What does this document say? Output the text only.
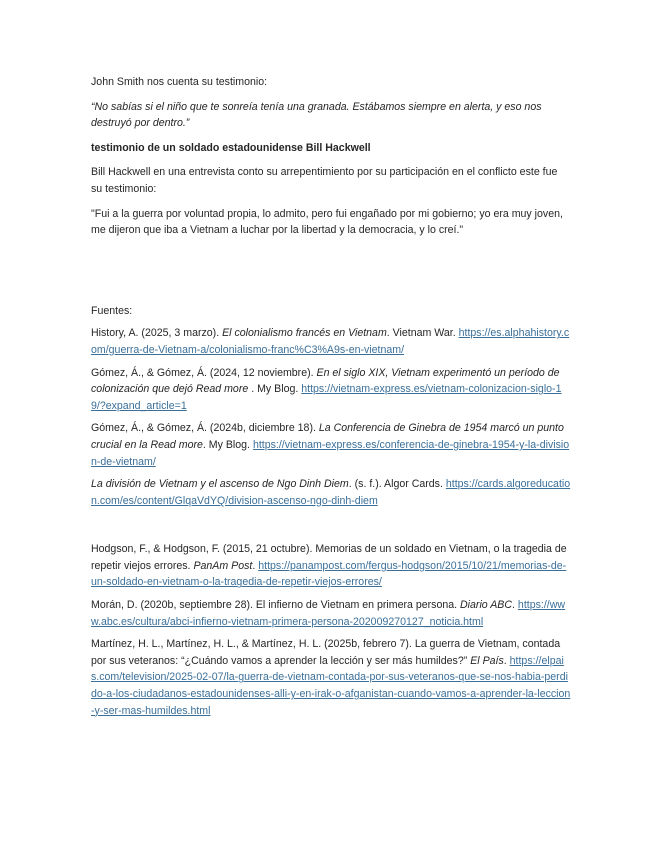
John Smith nos cuenta su testimonio:

“No sabías si el niño que te sonreía tenía una granada. Estábamos siempre en alerta, y eso nos destruyó por dentro.”

testimonio de un soldado estadounidense Bill Hackwell

Bill Hackwell en una entrevista conto su arrepentimiento por su participación en el conflicto este fue su testimonio:

"Fui a la guerra por voluntad propia, lo admito, pero fui engañado por mi gobierno; yo era muy joven, me dijeron que iba a Vietnam a luchar por la libertad y la democracia, y lo creí."

Fuentes:

History, A. (2025, 3 marzo). El colonialismo francés en Vietnam. Vietnam War. https://es.alphahistory.com/guerra-de-Vietnam-a/colonialismo-franc%C3%A9s-en-vietnam/

Gómez, Á., & Gómez, Á. (2024, 12 noviembre). En el siglo XIX, Vietnam experimentó un período de colonización que dejó Read more . My Blog. https://vietnam-express.es/vietnam-colonizacion-siglo-19/?expand_article=1

Gómez, Á., & Gómez, Á. (2024b, diciembre 18). La Conferencia de Ginebra de 1954 marcó un punto crucial en la Read more. My Blog. https://vietnam-express.es/conferencia-de-ginebra-1954-y-la-division-de-vietnam/

La división de Vietnam y el ascenso de Ngo Dinh Diem. (s. f.). Algor Cards. https://cards.algoreducation.com/es/content/GlqaVdYQ/division-ascenso-ngo-dinh-diem

Hodgson, F., & Hodgson, F. (2015, 21 octubre). Memorias de un soldado en Vietnam, o la tragedia de repetir viejos errores. PanAm Post. https://panampost.com/fergus-hodgson/2015/10/21/memorias-de-un-soldado-en-vietnam-o-la-tragedia-de-repetir-viejos-errores/

Morán, D. (2020b, septiembre 28). El infierno de Vietnam en primera persona. Diario ABC. https://www.abc.es/cultura/abci-infierno-vietnam-primera-persona-202009270127_noticia.html

Martínez, H. L., Martínez, H. L., & Martínez, H. L. (2025b, febrero 7). La guerra de Vietnam, contada por sus veteranos: “¿Cuándo vamos a aprender la lección y ser más humildes?” El País. https://elpais.com/television/2025-02-07/la-guerra-de-vietnam-contada-por-sus-veteranos-que-se-nos-habia-perdido-a-los-ciudadanos-estadounidenses-alli-y-en-irak-o-afganistan-cuando-vamos-a-aprender-la-leccion-y-ser-mas-humildes.html
